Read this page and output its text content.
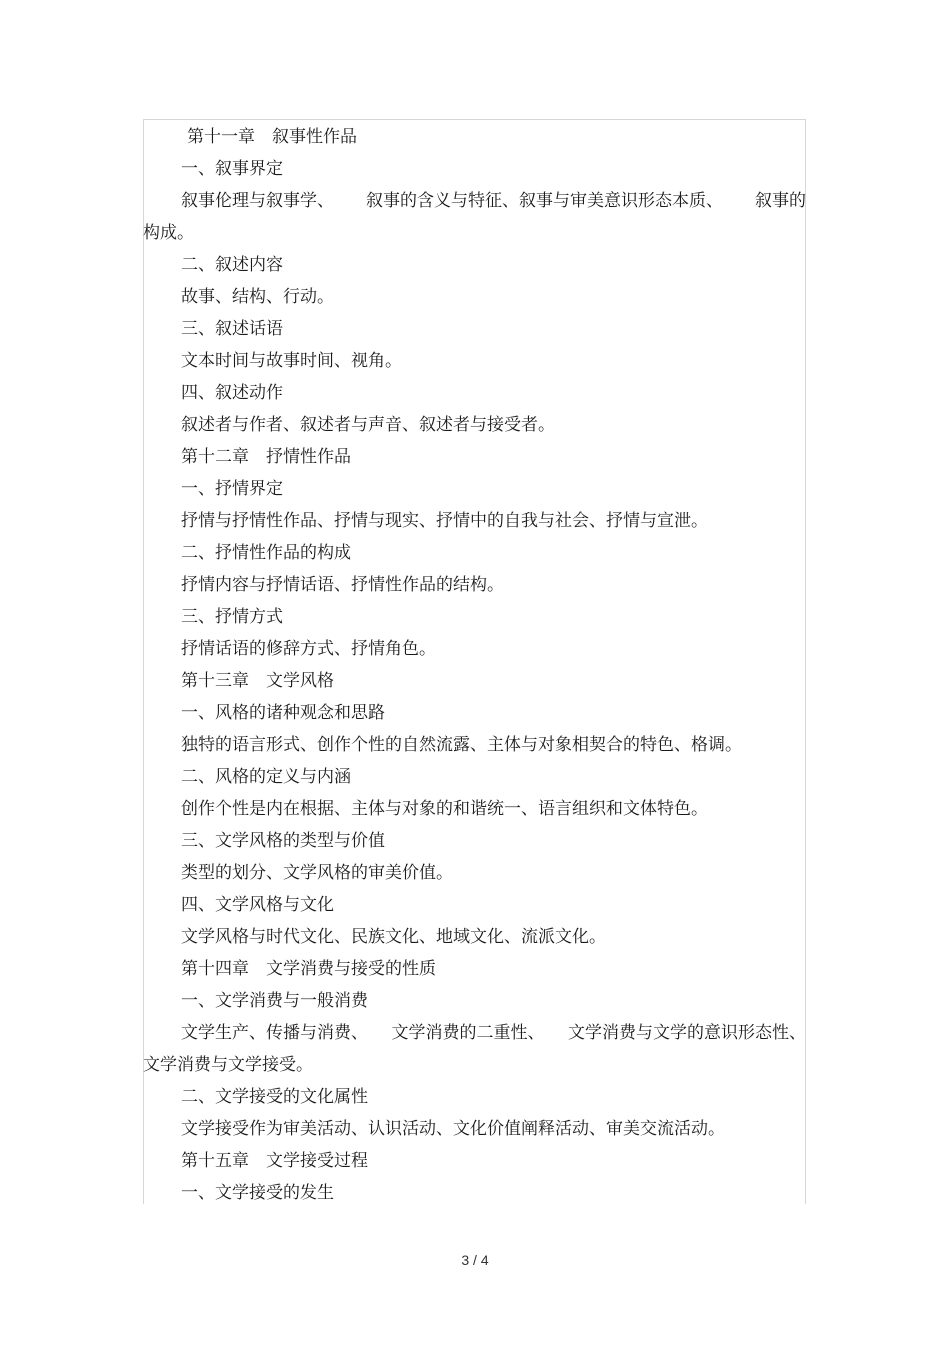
第十一章　叙事性作品
一、叙事界定
叙事伦理与叙事学、 叙事的含义与特征、叙事与审美意识形态本质、 叙事的
构成。
二、叙述内容
故事、结构、行动。
三、叙述话语
文本时间与故事时间、视角。
四、叙述动作
叙述者与作者、叙述者与声音、叙述者与接受者。
第十二章　抒情性作品
一、抒情界定
抒情与抒情性作品、抒情与现实、抒情中的自我与社会、抒情与宣泄。
二、抒情性作品的构成
抒情内容与抒情话语、抒情性作品的结构。
三、抒情方式
抒情话语的修辞方式、抒情角色。
第十三章　文学风格
一、风格的诸种观念和思路
独特的语言形式、创作个性的自然流露、主体与对象相契合的特色、格调。
二、风格的定义与内涵
创作个性是内在根据、主体与对象的和谐统一、语言组织和文体特色。
三、文学风格的类型与价值
类型的划分、文学风格的审美价值。
四、文学风格与文化
文学风格与时代文化、民族文化、地域文化、流派文化。
第十四章　文学消费与接受的性质
一、文学消费与一般消费
文学生产、传播与消费、 文学消费的二重性、 文学消费与文学的意识形态性、
文学消费与文学接受。
二、文学接受的文化属性
文学接受作为审美活动、认识活动、文化价值阐释活动、审美交流活动。
第十五章　文学接受过程
一、文学接受的发生
3 / 4
